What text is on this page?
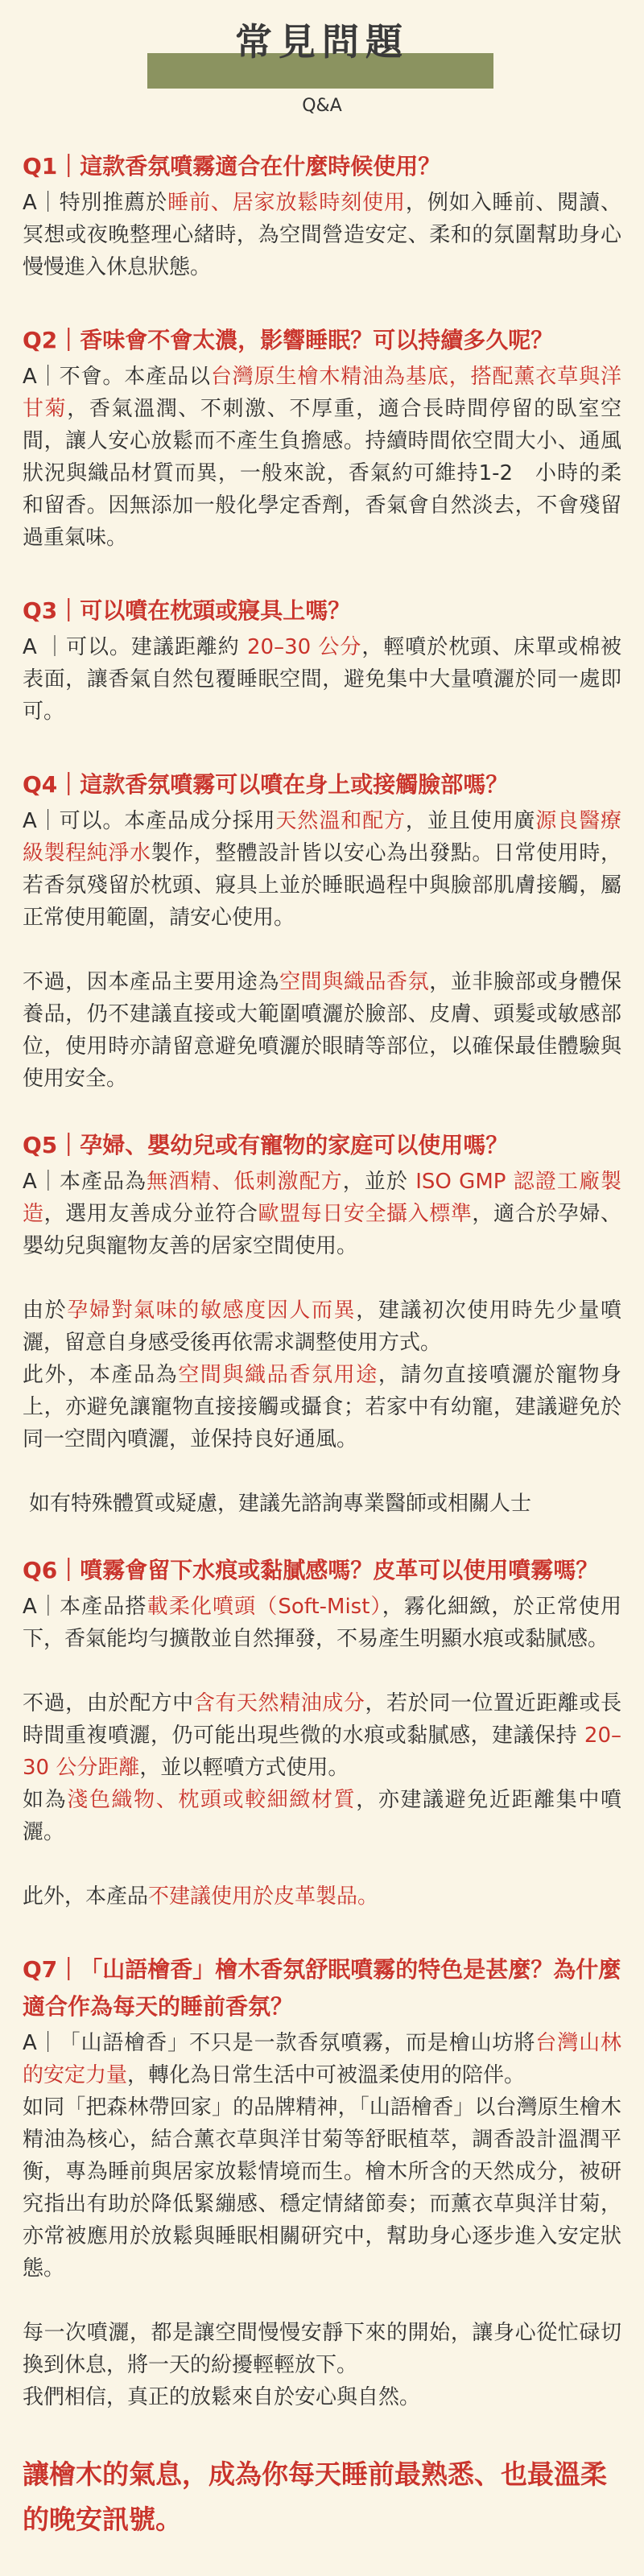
常見問題
Q&A
Q1｜這款香氛噴霧適合在什麼時候使用？

A｜特別推薦於睡前、居家放鬆時刻使用，例如入睡前、閱讀、冥想或夜晚整理心緒時，為空間營造安定、柔和的氛圍幫助身心慢慢進入休息狀態。

Q2｜香味會不會太濃，影響睡眠？可以持續多久呢？

A｜不會。本產品以台灣原生檜木精油為基底，搭配薰衣草與洋甘菊，香氣溫潤、不刺激、不厚重，適合長時間停留的臥室空間，讓人安心放鬆而不產生負擔感。持續時間依空間大小、通風狀況與織品材質而異，一般來說，香氣約可維持1-2　小時的柔和留香。因無添加一般化學定香劑，香氣會自然淡去，不會殘留過重氣味。

Q3｜可以噴在枕頭或寢具上嗎？

A ｜可以。建議距離約 20–30 公分，輕噴於枕頭、床單或棉被表面，讓香氣自然包覆睡眠空間，避免集中大量噴灑於同一處即可。

Q4｜這款香氛噴霧可以噴在身上或接觸臉部嗎？

A｜可以。本產品成分採用天然溫和配方，並且使用廣源良醫療級製程純淨水製作，整體設計皆以安心為出發點。日常使用時，若香氛殘留於枕頭、寢具上並於睡眠過程中與臉部肌膚接觸，屬正常使用範圍，請安心使用。

不過，因本產品主要用途為空間與織品香氛，並非臉部或身體保養品，仍不建議直接或大範圍噴灑於臉部、皮膚、頭髮或敏感部位，使用時亦請留意避免噴灑於眼睛等部位，以確保最佳體驗與使用安全。

Q5｜孕婦、嬰幼兒或有寵物的家庭可以使用嗎？

A｜本產品為無酒精、低刺激配方，並於 ISO GMP 認證工廠製造，選用友善成分並符合歐盟每日安全攝入標準，適合於孕婦、嬰幼兒與寵物友善的居家空間使用。

由於孕婦對氣味的敏感度因人而異，建議初次使用時先少量噴灑，留意自身感受後再依需求調整使用方式。

此外，本產品為空間與織品香氛用途，請勿直接噴灑於寵物身上，亦避免讓寵物直接接觸或攝食；若家中有幼寵，建議避免於同一空間內噴灑，並保持良好通風。

如有特殊體質或疑慮，建議先諮詢專業醫師或相關人士

Q6｜噴霧會留下水痕或黏膩感嗎？皮革可以使用噴霧嗎？

A｜本產品搭載柔化噴頭（Soft-Mist），霧化細緻，於正常使用下，香氣能均勻擴散並自然揮發，不易產生明顯水痕或黏膩感。

不過，由於配方中含有天然精油成分，若於同一位置近距離或長時間重複噴灑，仍可能出現些微的水痕或黏膩感，建議保持 20–30 公分距離，並以輕噴方式使用。

如為淺色織物、枕頭或較細緻材質，亦建議避免近距離集中噴灑。

此外，本產品不建議使用於皮革製品。

Q7｜「山語檜香」檜木香氛舒眠噴霧的特色是甚麼？為什麼適合作為每天的睡前香氛？

A｜「山語檜香」不只是一款香氛噴霧，而是檜山坊將台灣山林的安定力量，轉化為日常生活中可被溫柔使用的陪伴。

如同「把森林帶回家」的品牌精神，「山語檜香」以台灣原生檜木精油為核心，結合薰衣草與洋甘菊等舒眠植萃，調香設計溫潤平衡，專為睡前與居家放鬆情境而生。檜木所含的天然成分，被研究指出有助於降低緊繃感、穩定情緒節奏；而薰衣草與洋甘菊，亦常被應用於放鬆與睡眠相關研究中，幫助身心逐步進入安定狀態。

每一次噴灑，都是讓空間慢慢安靜下來的開始，讓身心從忙碌切換到休息，將一天的紛擾輕輕放下。

我們相信，真正的放鬆來自於安心與自然。

讓檜木的氣息，成為你每天睡前最熟悉、也最溫柔的晚安訊號。
